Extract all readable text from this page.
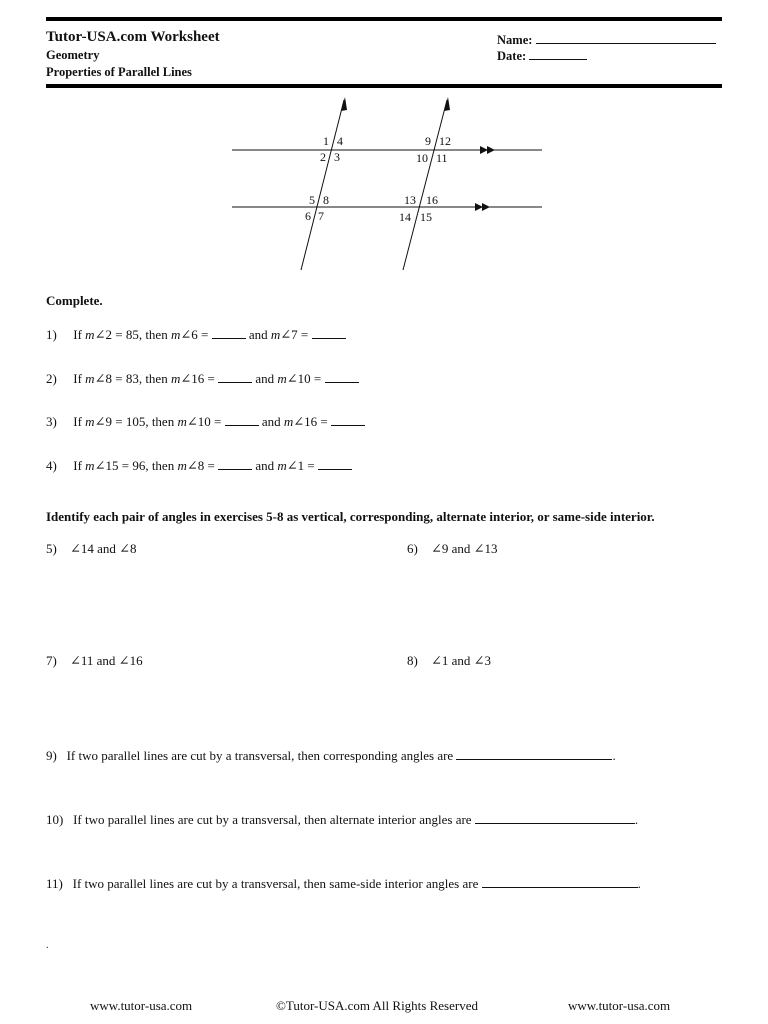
Tutor-USA.com Worksheet
Geometry
Properties of Parallel Lines
Name:
Date:
1 4
2 3
9 12
10 11
5 8
6 7
13 16
14 15
Complete.
1) If m∠2 = 85, then m∠6 =	and m∠7 =
2) If m∠8 = 83, then m∠16 =	and m∠10 =
3) If m∠9 = 105, then m∠10 =	and m∠16 =
4) If m∠15 = 96, then m∠8 =	and m∠1 =
Identify each pair of angles in exercises 5-8 as vertical, corresponding, alternate interior, or same-side interior.
5) ∠14 and ∠8	6) ∠9 and ∠13
7) ∠11 and ∠16	8) ∠1 and ∠3
9) If two parallel lines are cut by a transversal, then corresponding angles are	.
10) If two parallel lines are cut by a transversal, then alternate interior angles are	.
11) If two parallel lines are cut by a transversal, then same-side interior angles are	.
.
www.tutor-usa.com	©Tutor-USA.com All Rights Reserved	www.tutor-usa.com
